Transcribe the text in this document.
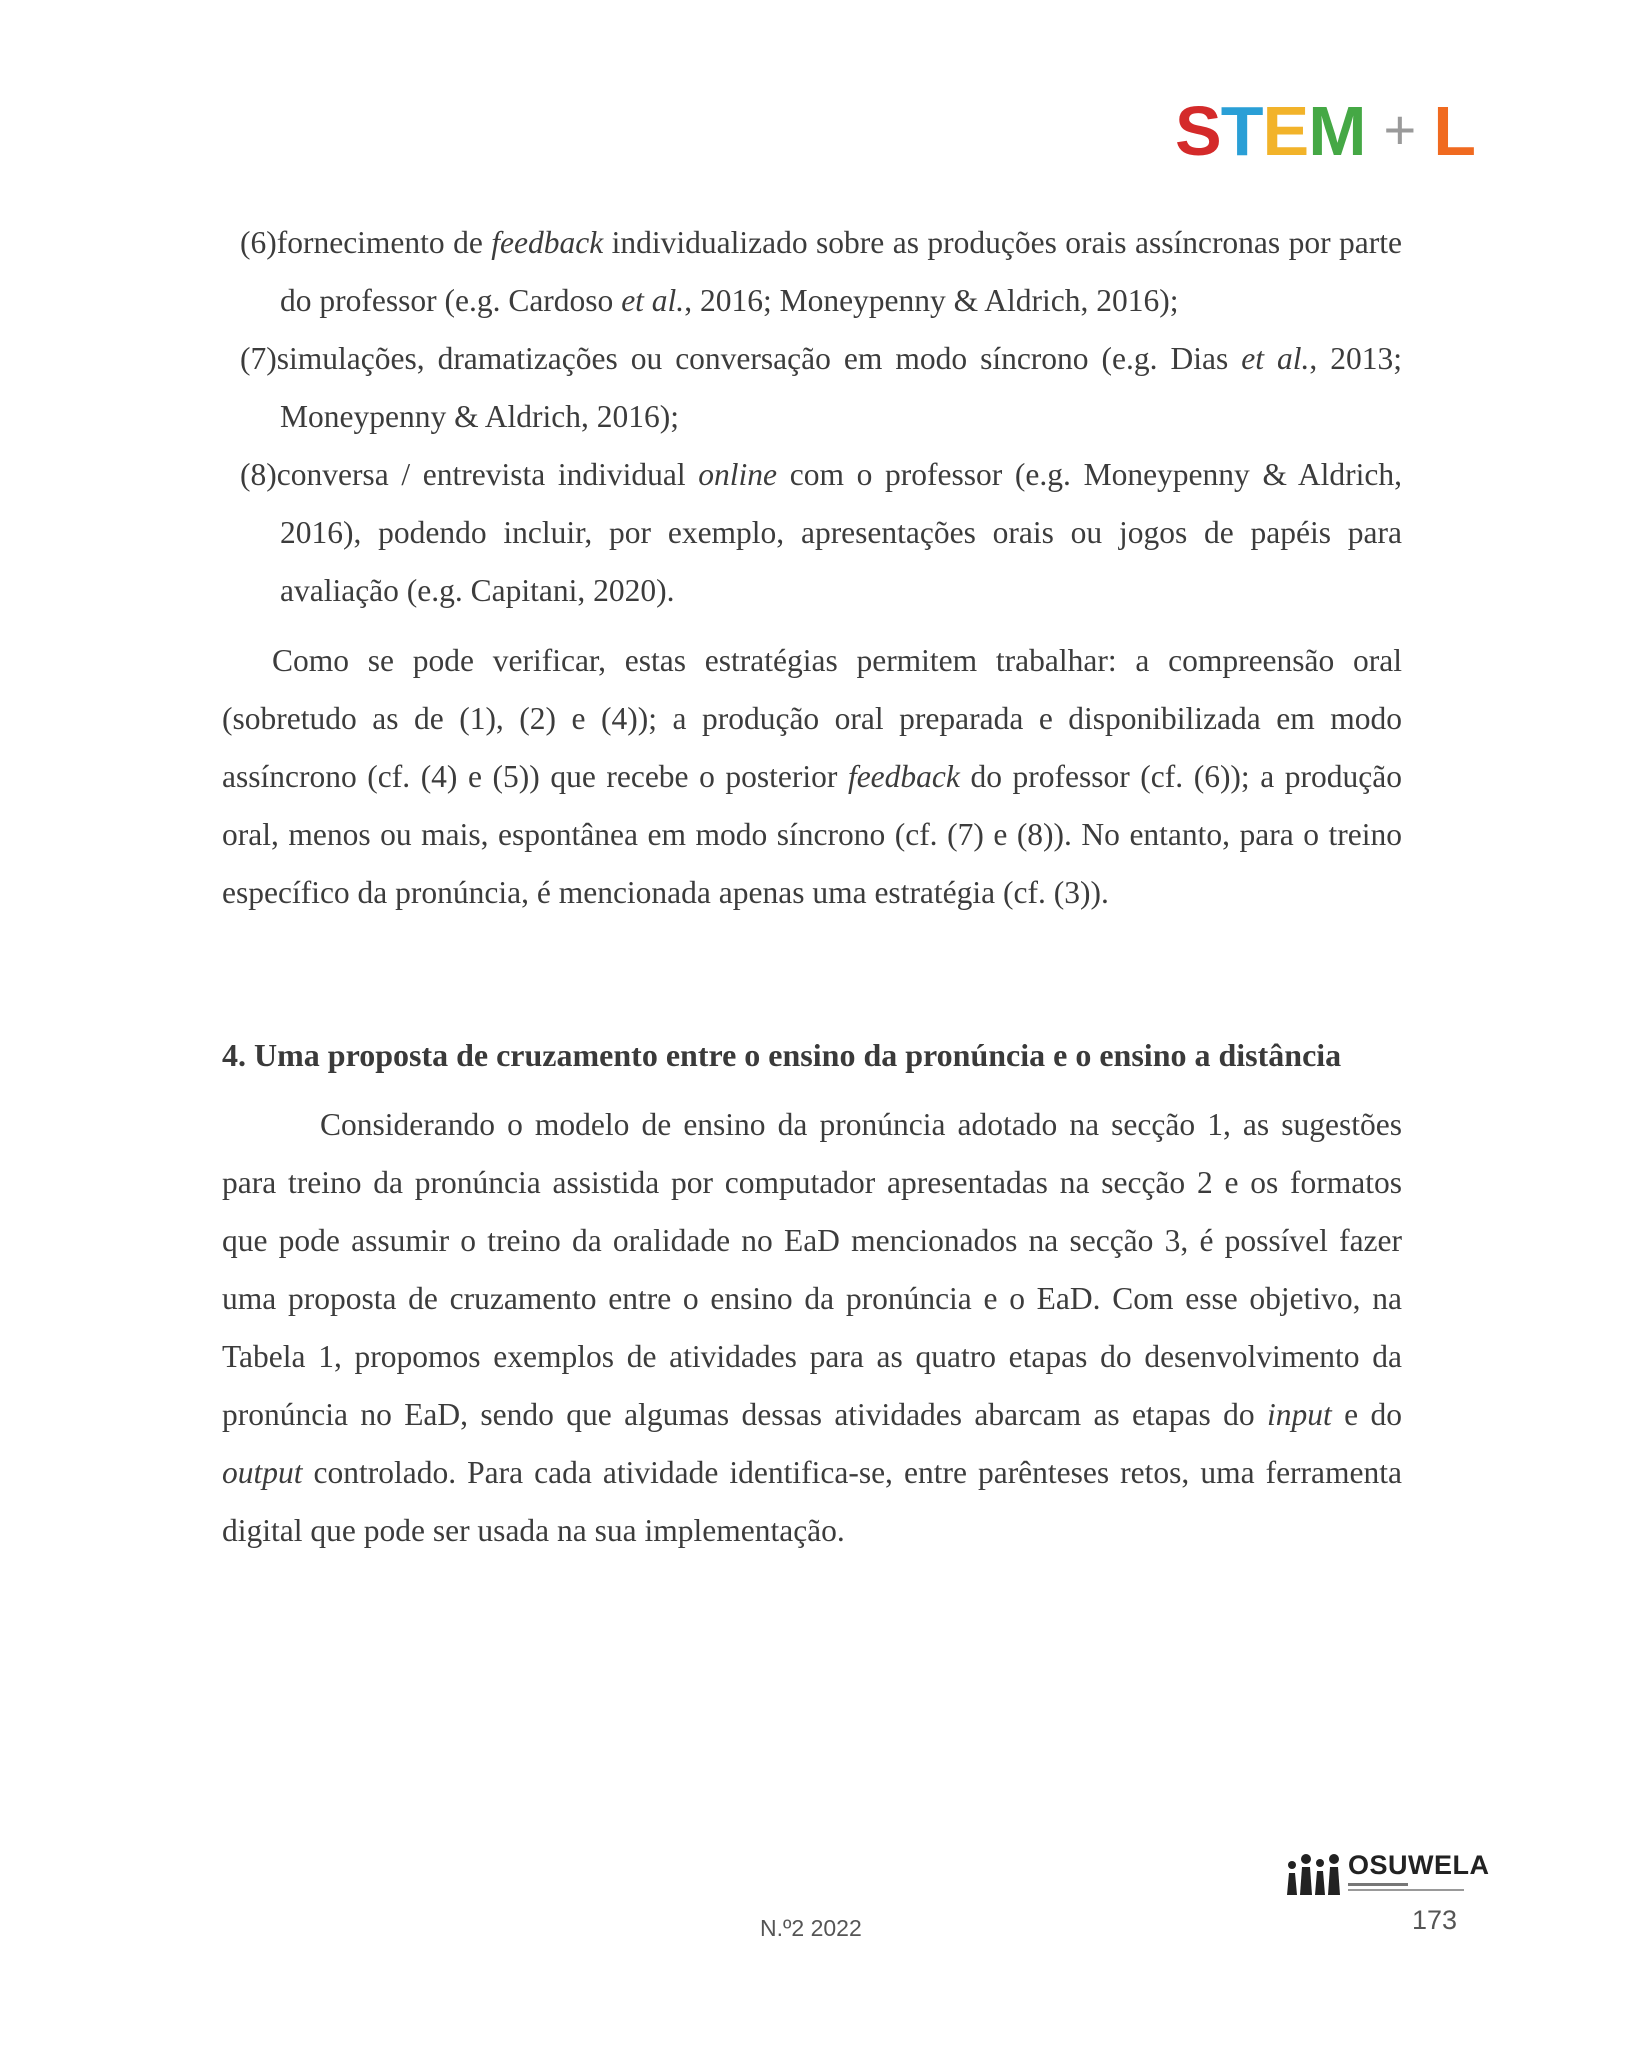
STEM + L
(6)fornecimento de feedback individualizado sobre as produções orais assíncronas por parte do professor (e.g. Cardoso et al., 2016; Moneypenny & Aldrich, 2016);
(7)simulações, dramatizações ou conversação em modo síncrono (e.g. Dias et al., 2013; Moneypenny & Aldrich, 2016);
(8)conversa / entrevista individual online com o professor (e.g. Moneypenny & Aldrich, 2016), podendo incluir, por exemplo, apresentações orais ou jogos de papéis para avaliação (e.g. Capitani, 2020).

Como se pode verificar, estas estratégias permitem trabalhar: a compreensão oral (sobretudo as de (1), (2) e (4)); a produção oral preparada e disponibilizada em modo assíncrono (cf. (4) e (5)) que recebe o posterior feedback do professor (cf. (6)); a produção oral, menos ou mais, espontânea em modo síncrono (cf. (7) e (8)). No entanto, para o treino específico da pronúncia, é mencionada apenas uma estratégia (cf. (3)).

4. Uma proposta de cruzamento entre o ensino da pronúncia e o ensino a distância

Considerando o modelo de ensino da pronúncia adotado na secção 1, as sugestões para treino da pronúncia assistida por computador apresentadas na secção 2 e os formatos que pode assumir o treino da oralidade no EaD mencionados na secção 3, é possível fazer uma proposta de cruzamento entre o ensino da pronúncia e o EaD. Com esse objetivo, na Tabela 1, propomos exemplos de atividades para as quatro etapas do desenvolvimento da pronúncia no EaD, sendo que algumas dessas atividades abarcam as etapas do input e do output controlado. Para cada atividade identifica-se, entre parênteses retos, uma ferramenta digital que pode ser usada na sua implementação.

N.º2 2022	173
OSUWELA
